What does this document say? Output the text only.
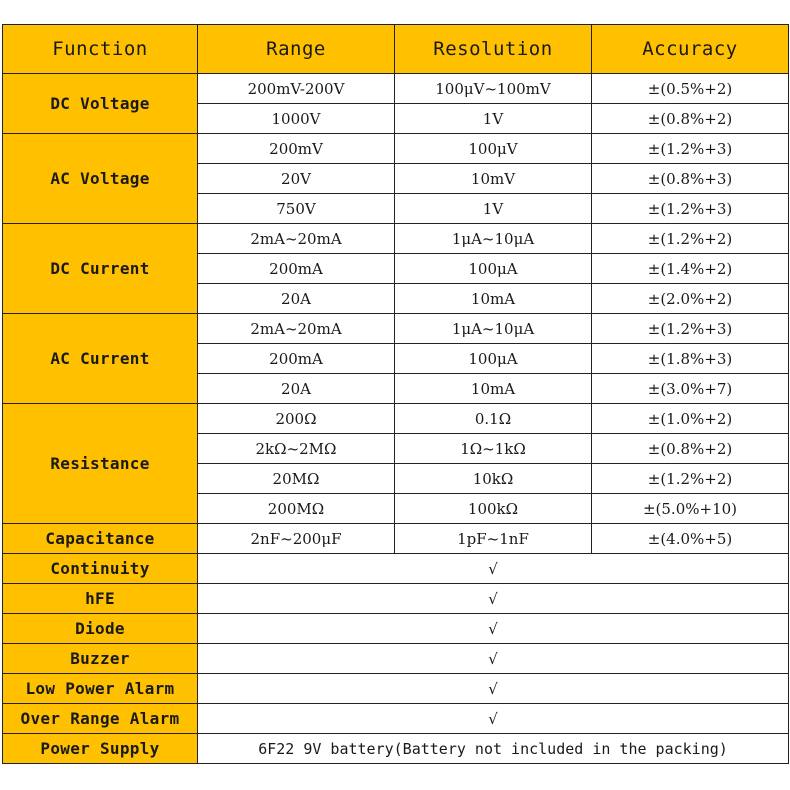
Function	Range	Resolution	Accuracy
DC Voltage	200mV-200V	100μV~100mV	±(0.5%+2)
	1000V	1V	±(0.8%+2)
AC Voltage	200mV	100μV	±(1.2%+3)
	20V	10mV	±(0.8%+3)
	750V	1V	±(1.2%+3)
DC Current	2mA~20mA	1μA~10μA	±(1.2%+2)
	200mA	100μA	±(1.4%+2)
	20A	10mA	±(2.0%+2)
AC Current	2mA~20mA	1μA~10μA	±(1.2%+3)
	200mA	100μA	±(1.8%+3)
	20A	10mA	±(3.0%+7)
Resistance	200Ω	0.1Ω	±(1.0%+2)
	2kΩ~2MΩ	1Ω~1kΩ	±(0.8%+2)
	20MΩ	10kΩ	±(1.2%+2)
	200MΩ	100kΩ	±(5.0%+10)
Capacitance	2nF~200μF	1pF~1nF	±(4.0%+5)
Continuity	√		
hFE	√		
Diode	√		
Buzzer	√		
Low Power Alarm	√		
Over Range Alarm	√		
Power Supply	6F22 9V battery(Battery not included in the packing)		
